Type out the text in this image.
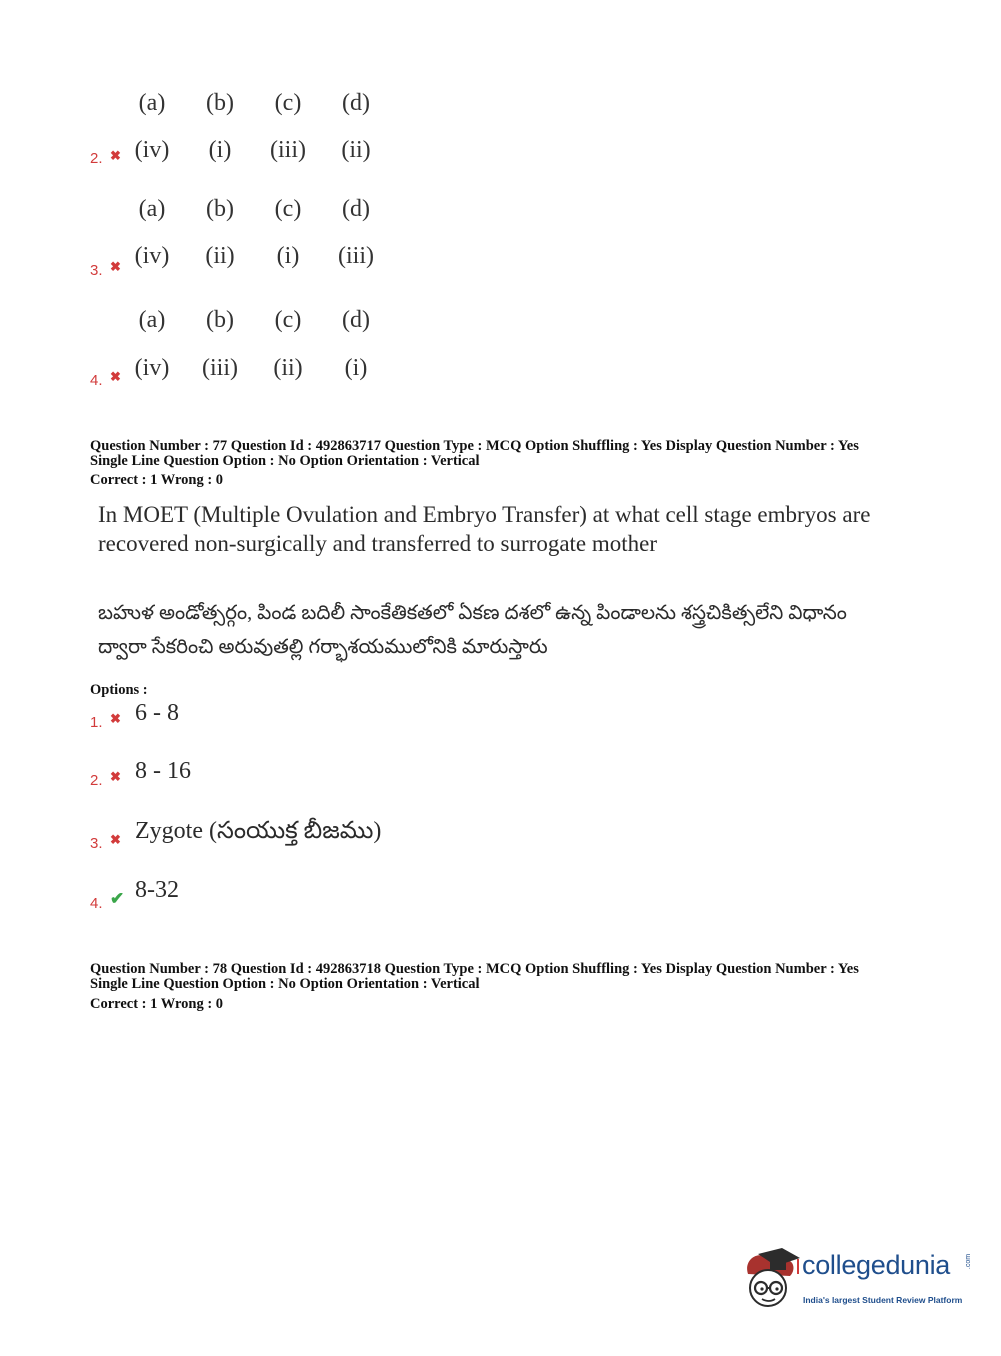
(a)	(b)	(c)	(d)
2. ✖ (iv)	(i)	(iii)	(ii)
(a)	(b)	(c)	(d)
3. ✖ (iv)	(ii)	(i)	(iii)
(a)	(b)	(c)	(d)
4. ✖ (iv)	(iii)	(ii)	(i)
Question Number : 77 Question Id : 492863717 Question Type : MCQ Option Shuffling : Yes Display Question Number : Yes
Single Line Question Option : No Option Orientation : Vertical
Correct : 1 Wrong : 0
In MOET (Multiple Ovulation and Embryo Transfer) at what cell stage embryos are
recovered non-surgically and transferred to surrogate mother
బహుళ అండోత్సర్గం, పిండ బదిలీ సాంకేతికతలో ఏకణ దశలో ఉన్న పిండాలను శస్త్రచికిత్సలేని విధానం
ద్వారా సేకరించి అరువుతల్లి గర్భాశయములోనికి మారుస్తారు
Options :
1. ✖ 6 - 8
2. ✖ 8 - 16
3. ✖ Zygote (సంయుక్త బీజము)
4. ✔ 8-32
Question Number : 78 Question Id : 492863718 Question Type : MCQ Option Shuffling : Yes Display Question Number : Yes
Single Line Question Option : No Option Orientation : Vertical
Correct : 1 Wrong : 0
collegedunia .com
India's largest Student Review Platform
